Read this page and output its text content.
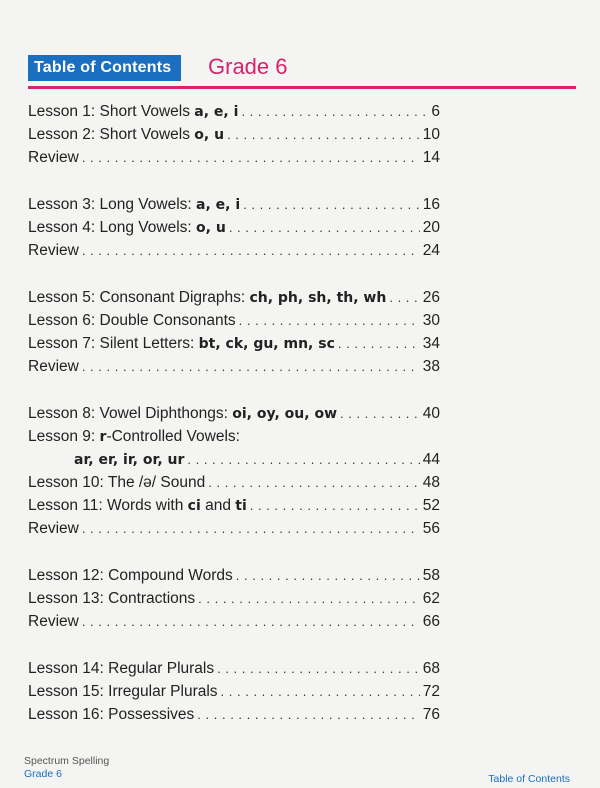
Table of Contents	Grade 6
Lesson 1: Short Vowels a, e, i . . .	6
Lesson 2: Short Vowels o, u . . .	10
Review . . .	14
Lesson 3: Long Vowels: a, e, i . . .	16
Lesson 4: Long Vowels: o, u . . .	20
Review . . .	24
Lesson 5: Consonant Digraphs: ch, ph, sh, th, wh . . . 26
Lesson 6: Double Consonants . . .	30
Lesson 7: Silent Letters: bt, ck, gu, mn, sc . . .	34
Review . . .	38
Lesson 8: Vowel Diphthongs: oi, oy, ou, ow . . .	40
Lesson 9: r-Controlled Vowels:
ar, er, ir, or, ur . . .	44
Lesson 10: The /ə/ Sound . . .	48
Lesson 11: Words with ci and ti . . .	52
Review . . .	56
Lesson 12: Compound Words . . .	58
Lesson 13: Contractions . . .	62
Review . . .	66
Lesson 14: Regular Plurals . . .	68
Lesson 15: Irregular Plurals . . .	72
Lesson 16: Possessives . . .	76
Spectrum Spelling
Grade 6	Table of Contents
